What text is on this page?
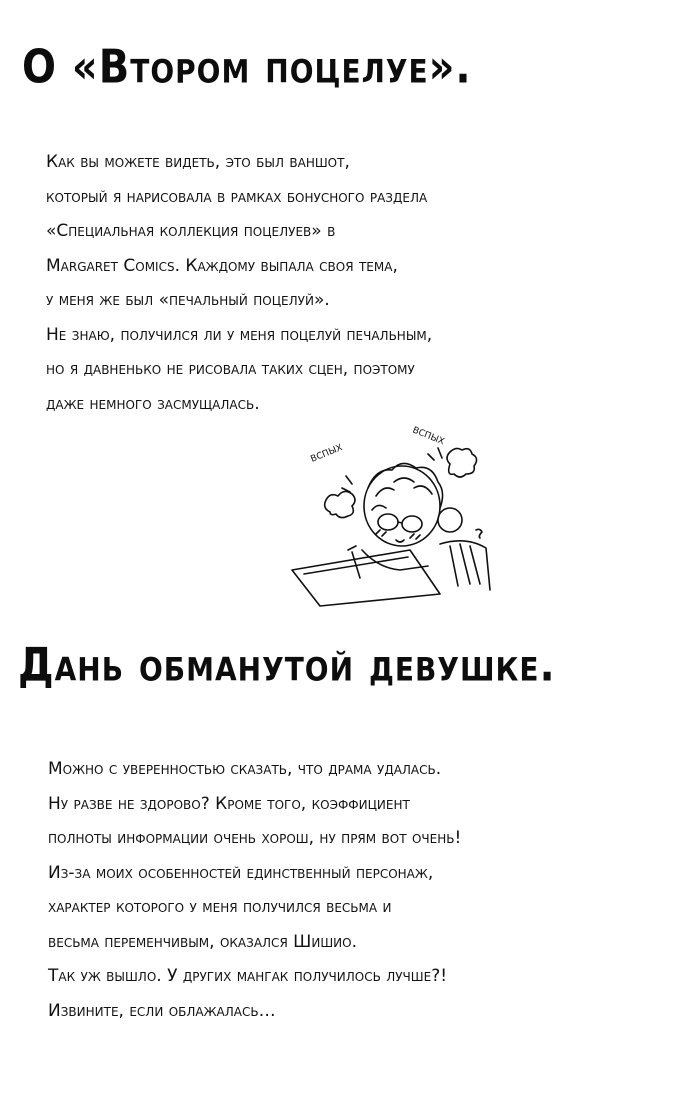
О «Втором поцелуе».
Как вы можете видеть, это был ваншот,
который я нарисовала в рамках бонусного раздела
«Специальная коллекция поцелуев» в
Margaret Comics. Каждому выпала своя тема,
у меня же был «печальный поцелуй».
Не знаю, получился ли у меня поцелуй печальным,
но я давненько не рисовала таких сцен, поэтому
даже немного засмущалась.
вспых
вспых
Дань обманутой девушке.
Можно с уверенностью сказать, что драма удалась.
Ну разве не здорово? Кроме того, коэффициент
полноты информации очень хорош, ну прям вот очень!
Из-за моих особенностей единственный персонаж,
характер которого у меня получился весьма и
весьма переменчивым, оказался Шишио.
Так уж вышло. У других мангак получилось лучше?!
Извините, если облажалась…
